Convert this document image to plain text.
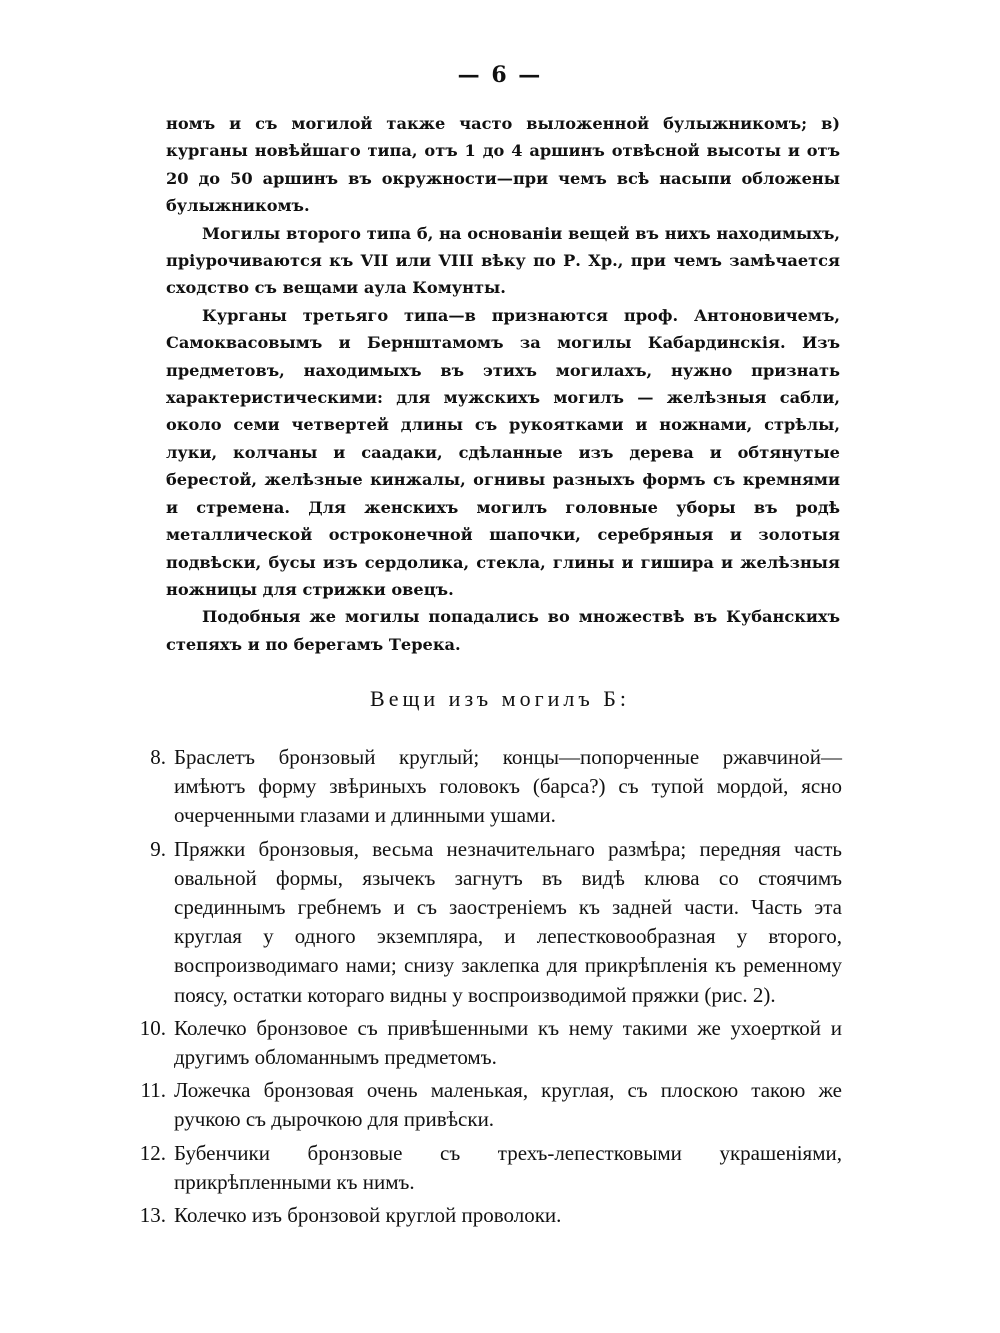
— 6 —

номъ и съ могилой также часто выложенной булыжникомъ; в) курганы новѣйшаго типа, отъ 1 до 4 аршинъ отвѣсной высоты и отъ 20 до 50 аршинъ въ окружности—при чемъ всѣ насыпи обложены булыжникомъ.

Могилы второго типа б, на основанiи вещей въ нихъ находимыхъ, прiурочиваются къ VII или VIII вѣку по Р. Хр., при чемъ замѣчается сходство съ вещами аула Комунты.

Курганы третьяго типа—в признаются проф. Антоновичемъ, Самоквасовымъ и Бернштамомъ за могилы Кабардинскiя. Изъ предметовъ, находимыхъ въ этихъ могилахъ, нужно признать характеристическими: для мужскихъ могилъ — желѣзныя сабли, около семи четвертей длины съ рукоятками и ножнами, стрѣлы, луки, колчаны и саадаки, сдѣланные изъ дерева и обтянутые берестой, желѣзные кинжалы, огнивы разныхъ формъ съ кремнями и стремена. Для женскихъ могилъ головные уборы въ родѣ металлической остроконечной шапочки, серебряныя и золотыя подвѣски, бусы изъ сердолика, стекла, глины и гишира и желѣзныя ножницы для стрижки овецъ.

Подобныя же могилы попадались во множествѣ въ Кубанскихъ степяхъ и по берегамъ Терека.

Вещи изъ могилъ Б:
8. Браслетъ бронзовый круглый; концы—попорченные ржавчиной— имѣютъ форму звѣриныхъ головокъ (барса?) съ тупой мордой, ясно очерченными глазами и длинными ушами.
9. Пряжки бронзовыя, весьма незначительнаго размѣра; передняя часть овальной формы, язычекъ загнутъ въ видѣ клюва со стоячимъ срединнымъ гребнемъ и съ заостренiемъ къ задней части. Часть эта круглая у одного экземпляра, и лепестковообразная у второго, воспроизводимаго нами; снизу заклепка для прикрѣпленiя къ ременному поясу, остатки котораго видны у воспроизводимой пряжки (рис. 2).
10. Колечко бронзовое съ привѣшенными къ нему такими же ухоерткой и другимъ обломаннымъ предметомъ.
11. Ложечка бронзовая очень маленькая, круглая, съ плоскою такою же ручкою съ дырочкою для привѣски.
12. Бубенчики бронзовые съ трехъ-лепестковыми украшенiями, прикрѣпленными къ нимъ.
13. Колечко изъ бронзовой круглой проволоки.
